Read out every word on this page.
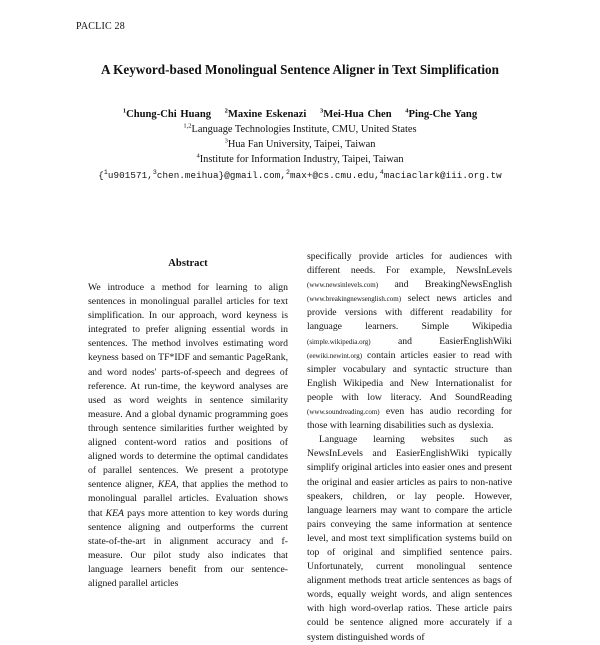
PACLIC 28
A Keyword-based Monolingual Sentence Aligner in Text Simplification
$^1$Chung-Chi Huang $^2$Maxine Eskenazi $^3$Mei-Hua Chen $^4$Ping-Che Yang
$^{1,2}$Language Technologies Institute, CMU, United States
$^3$Hua Fan University, Taipei, Taiwan
$^4$Institute for Information Industry, Taipei, Taiwan
{$^1$u901571,$^3$chen.meihua}@gmail.com,$^2$max+@cs.cmu.edu,$^4$maciaclark@iii.org.tw
Abstract

We introduce a method for learning to align sentences in monolingual parallel articles for text simplification. In our approach, word keyness is integrated to prefer aligning essential words in sentences. The method involves estimating word keyness based on TF*IDF and semantic PageRank, and word nodes' parts-of-speech and degrees of reference. At run-time, the keyword analyses are used as word weights in sentence similarity measure. And a global dynamic programming goes through sentence similarities further weighted by aligned content-word ratios and positions of aligned words to determine the optimal candidates of parallel sentences. We present a prototype sentence aligner, KEA, that applies the method to monolingual parallel articles. Evaluation shows that KEA pays more attention to key words during sentence aligning and outperforms the current state-of-the-art in alignment accuracy and f-measure. Our pilot study also indicates that language learners benefit from our sentence-aligned parallel articles

specifically provide articles for audiences with different needs. For example, NewsInLevels (www.newsinlevels.com) and BreakingNewsEnglish (www.breakingnewsenglish.com) select news articles and provide versions with different readability for language learners. Simple Wikipedia (simple.wikipedia.org)	and EasierEnglishWiki (eewiki.newint.org) contain articles easier to read with simpler vocabulary and syntactic structure than English Wikipedia and New Internationalist for people with low literacy. And SoundReading (www.soundreading.com) even has audio recording for those with learning disabilities such as dyslexia.

Language learning websites such as NewsInLevels and EasierEnglishWiki typically simplify original articles into easier ones and present the original and easier articles as pairs to non-native speakers, children, or lay people. However, language learners may want to compare the article pairs conveying the same information at sentence level, and most text simplification systems build on top of original and simplified sentence pairs. Unfortunately, current monolingual sentence alignment methods treat article sentences as bags of words, equally weight words, and align sentences with high word-overlap ratios. These article pairs could be sentence aligned more accurately if a system distinguished words of
